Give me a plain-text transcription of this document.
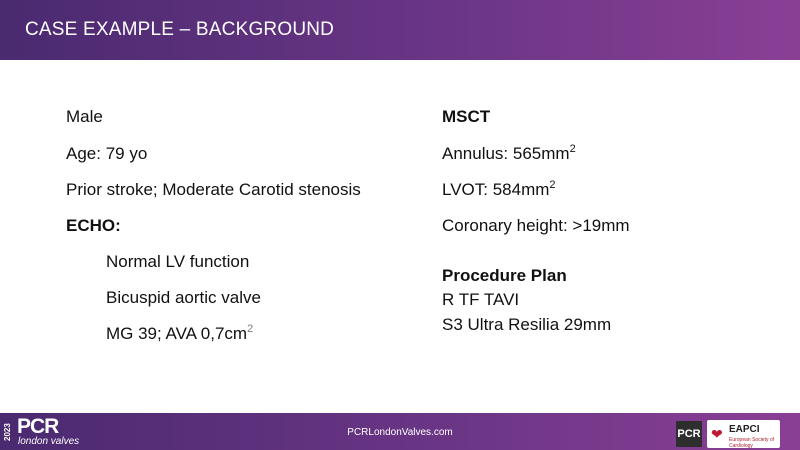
CASE EXAMPLE – BACKGROUND
Male
Age: 79 yo
Prior stroke; Moderate Carotid stenosis
ECHO:
Normal LV function
Bicuspid aortic valve
MG 39; AVA $0,7cm^2$
MSCT
Annulus: $565mm^2$
LVOT: $584mm^2$
Coronary height: >19mm
Procedure Plan
R TF TAVI
S3 Ultra Resilia 29mm
2023 PCR
london valves
PCRLondonValves.com	PCR ❤ EAPCI
European Society of Cardiology
